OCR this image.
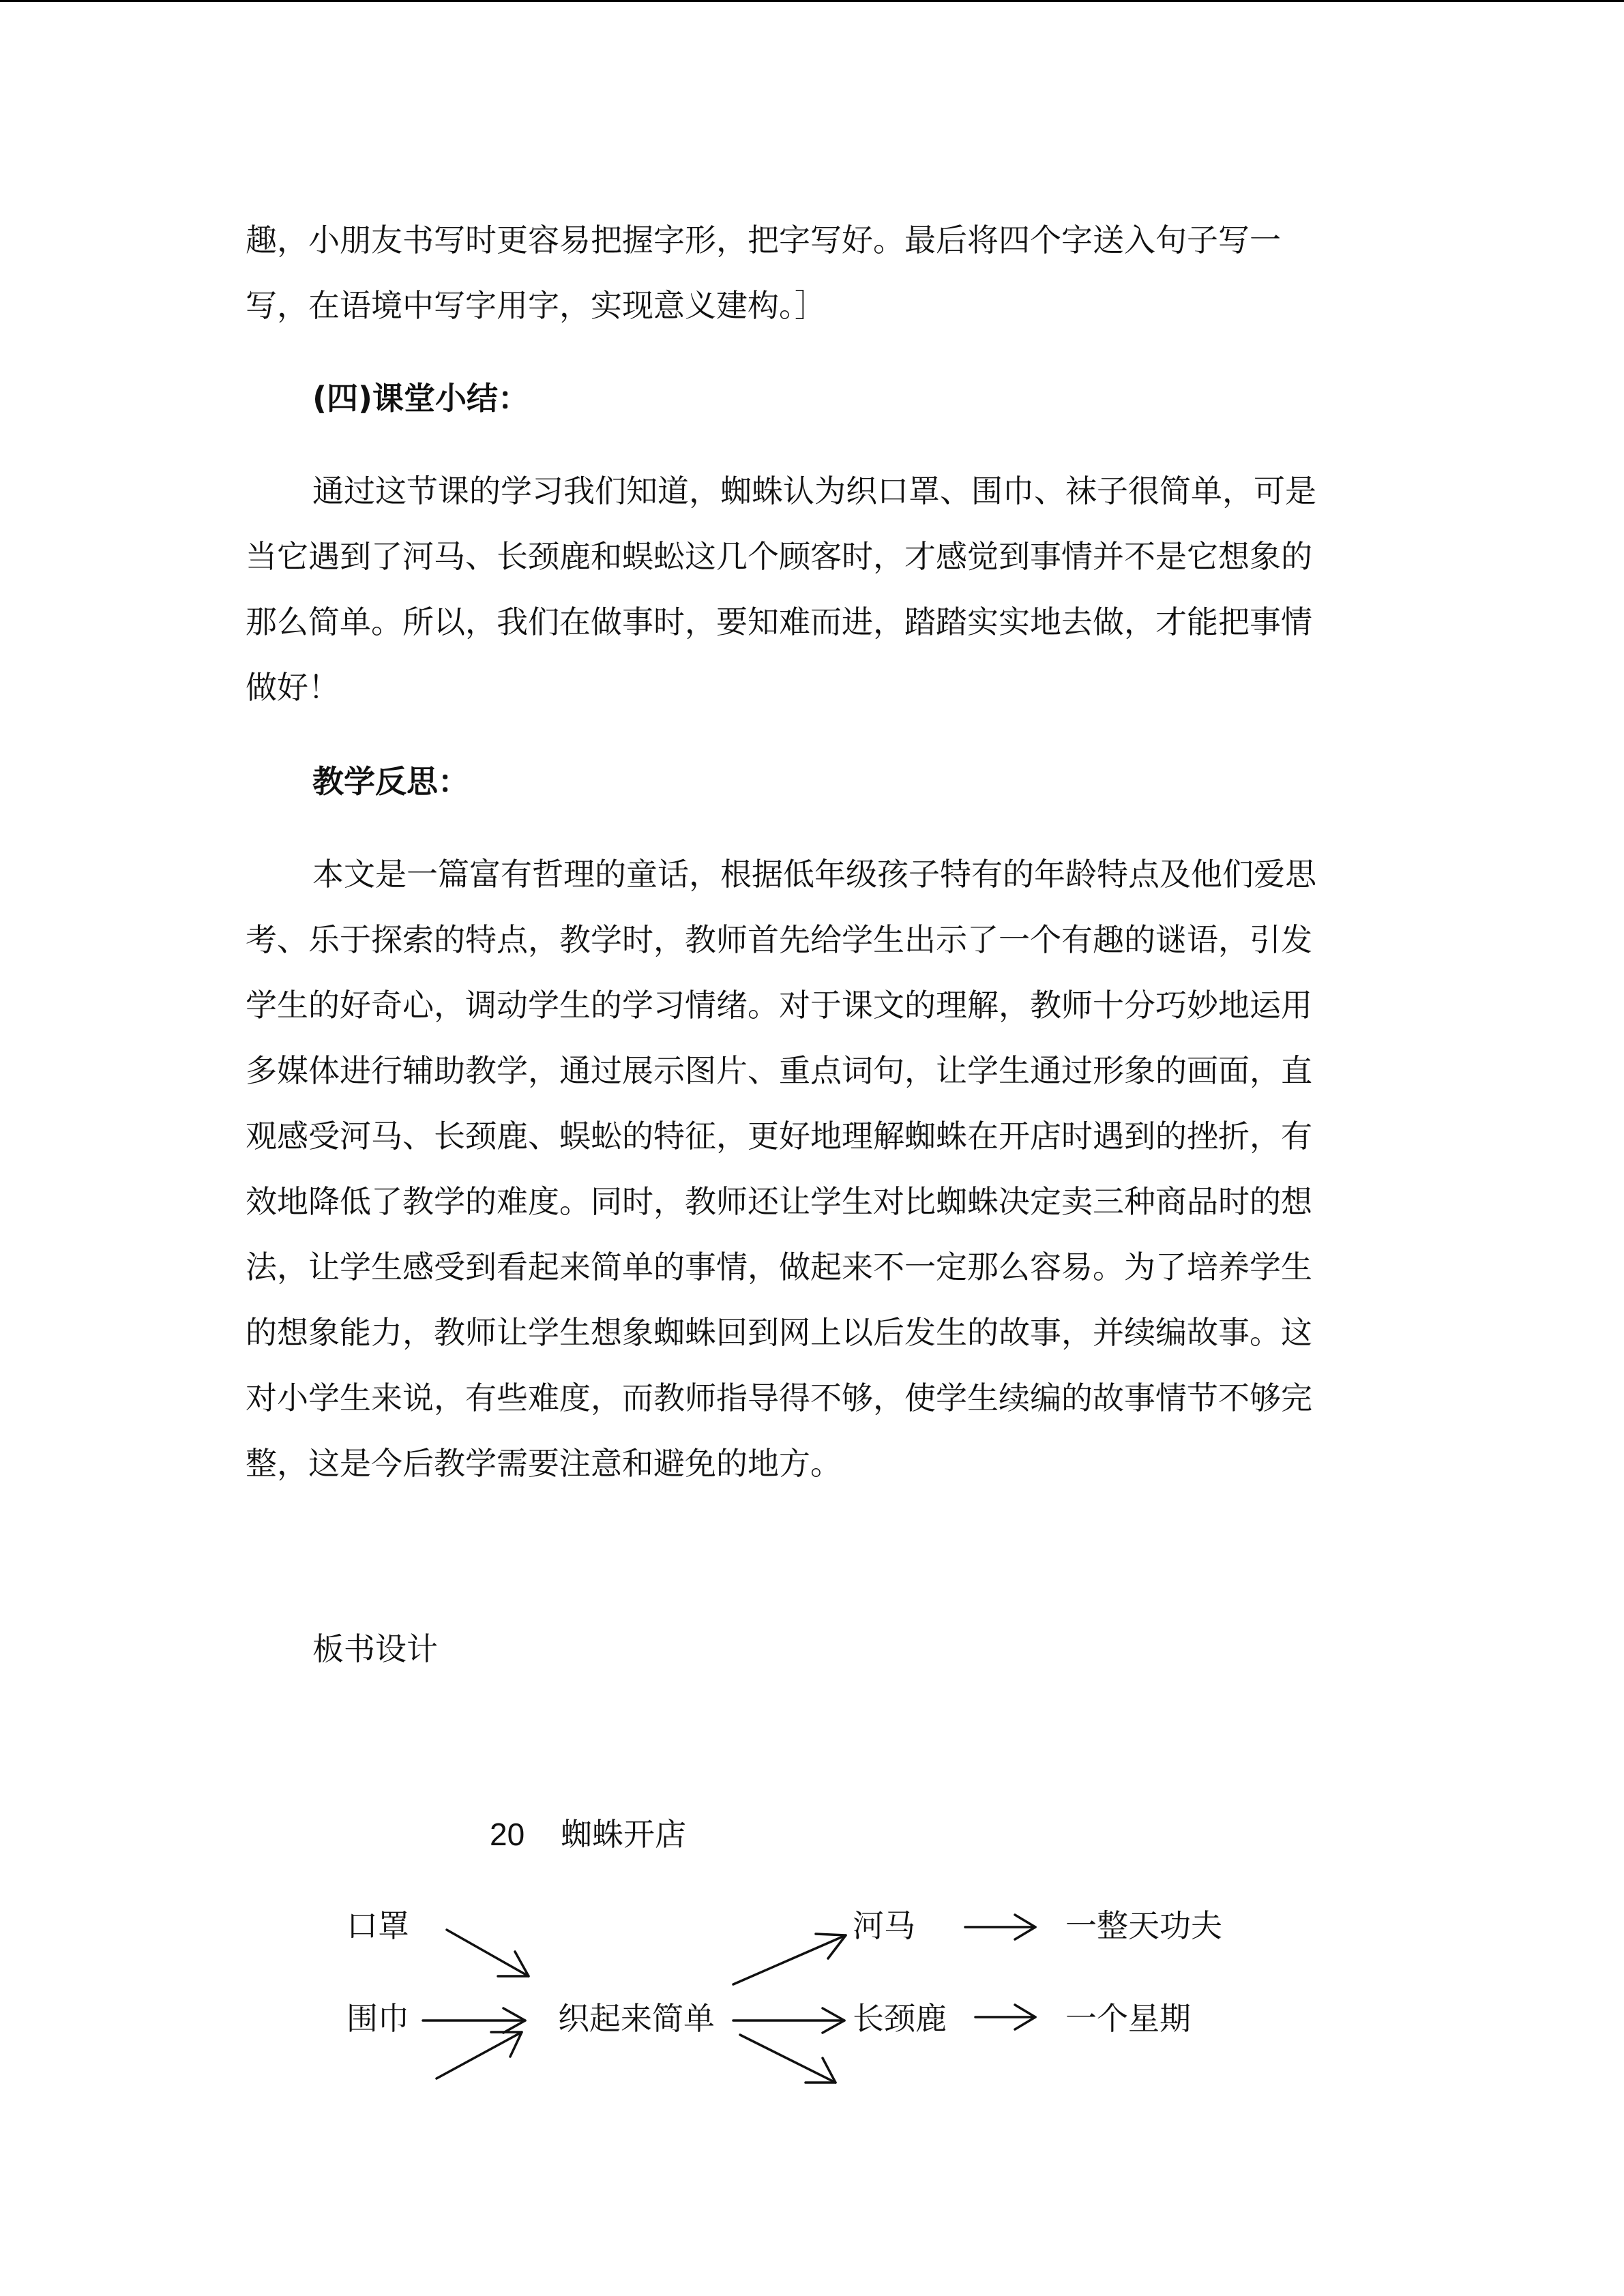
趣，小朋友书写时更容易把握字形，把字写好。最后将四个字送入句子写一
写，在语境中写字用字，实现意义建构。］
(四)课堂小结：
通过这节课的学习我们知道，蜘蛛认为织口罩、围巾、袜子很简单，可是
当它遇到了河马、长颈鹿和蜈蚣这几个顾客时，才感觉到事情并不是它想象的
那么简单。所以，我们在做事时，要知难而进，踏踏实实地去做，才能把事情
做好！
教学反思：
本文是一篇富有哲理的童话，根据低年级孩子特有的年龄特点及他们爱思
考、乐于探索的特点，教学时，教师首先给学生出示了一个有趣的谜语，引发
学生的好奇心，调动学生的学习情绪。对于课文的理解，教师十分巧妙地运用
多媒体进行辅助教学，通过展示图片、重点词句，让学生通过形象的画面，直
观感受河马、长颈鹿、蜈蚣的特征，更好地理解蜘蛛在开店时遇到的挫折，有
效地降低了教学的难度。同时，教师还让学生对比蜘蛛决定卖三种商品时的想
法，让学生感受到看起来简单的事情，做起来不一定那么容易。为了培养学生
的想象能力，教师让学生想象蜘蛛回到网上以后发生的故事，并续编故事。这
对小学生来说，有些难度，而教师指导得不够，使学生续编的故事情节不够完
整，这是今后教学需要注意和避免的地方。
板书设计
20 蜘蛛开店
口罩
围巾	织起来简单
河马
长颈鹿
一整天功夫
一个星期
